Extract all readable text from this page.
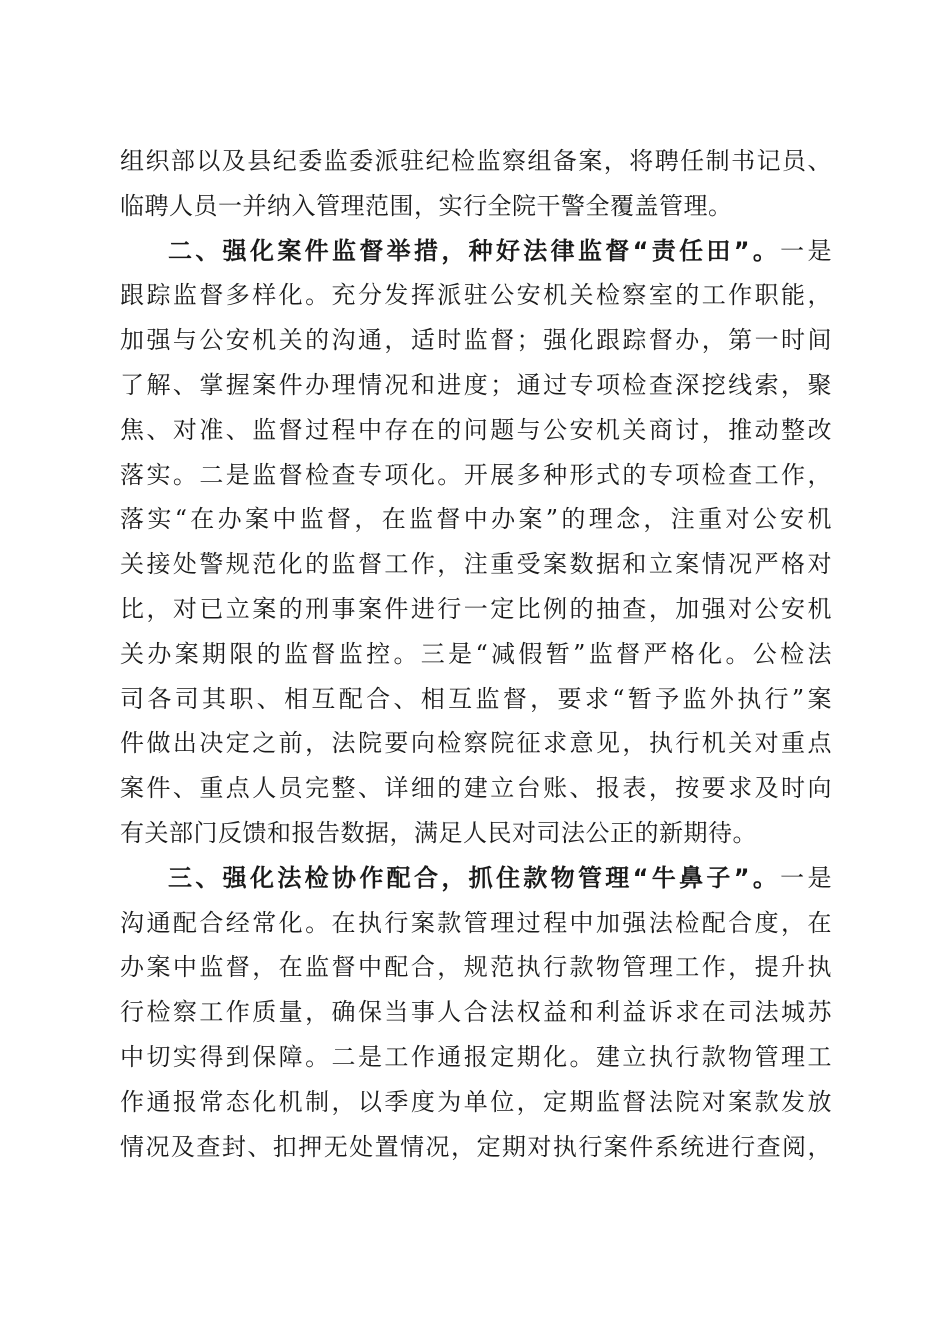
组织部以及县纪委监委派驻纪检监察组备案，将聘任制书记员、
临聘人员一并纳入管理范围，实行全院干警全覆盖管理。
二、强化案件监督举措，种好法律监督“责任田”。一是
跟踪监督多样化。充分发挥派驻公安机关检察室的工作职能，
加强与公安机关的沟通，适时监督；强化跟踪督办，第一时间
了解、掌握案件办理情况和进度；通过专项检查深挖线索，聚
焦、对准、监督过程中存在的问题与公安机关商讨，推动整改
落实。二是监督检查专项化。开展多种形式的专项检查工作，
落实“在办案中监督，在监督中办案”的理念，注重对公安机
关接处警规范化的监督工作，注重受案数据和立案情况严格对
比，对已立案的刑事案件进行一定比例的抽查，加强对公安机
关办案期限的监督监控。三是“减假暂”监督严格化。公检法
司各司其职、相互配合、相互监督，要求“暂予监外执行”案
件做出决定之前，法院要向检察院征求意见，执行机关对重点
案件、重点人员完整、详细的建立台账、报表，按要求及时向
有关部门反馈和报告数据，满足人民对司法公正的新期待。
三、强化法检协作配合，抓住款物管理“牛鼻子”。一是
沟通配合经常化。在执行案款管理过程中加强法检配合度，在
办案中监督，在监督中配合，规范执行款物管理工作，提升执
行检察工作质量，确保当事人合法权益和利益诉求在司法城苏
中切实得到保障。二是工作通报定期化。建立执行款物管理工
作通报常态化机制，以季度为单位，定期监督法院对案款发放
情况及查封、扣押无处置情况，定期对执行案件系统进行查阅，
